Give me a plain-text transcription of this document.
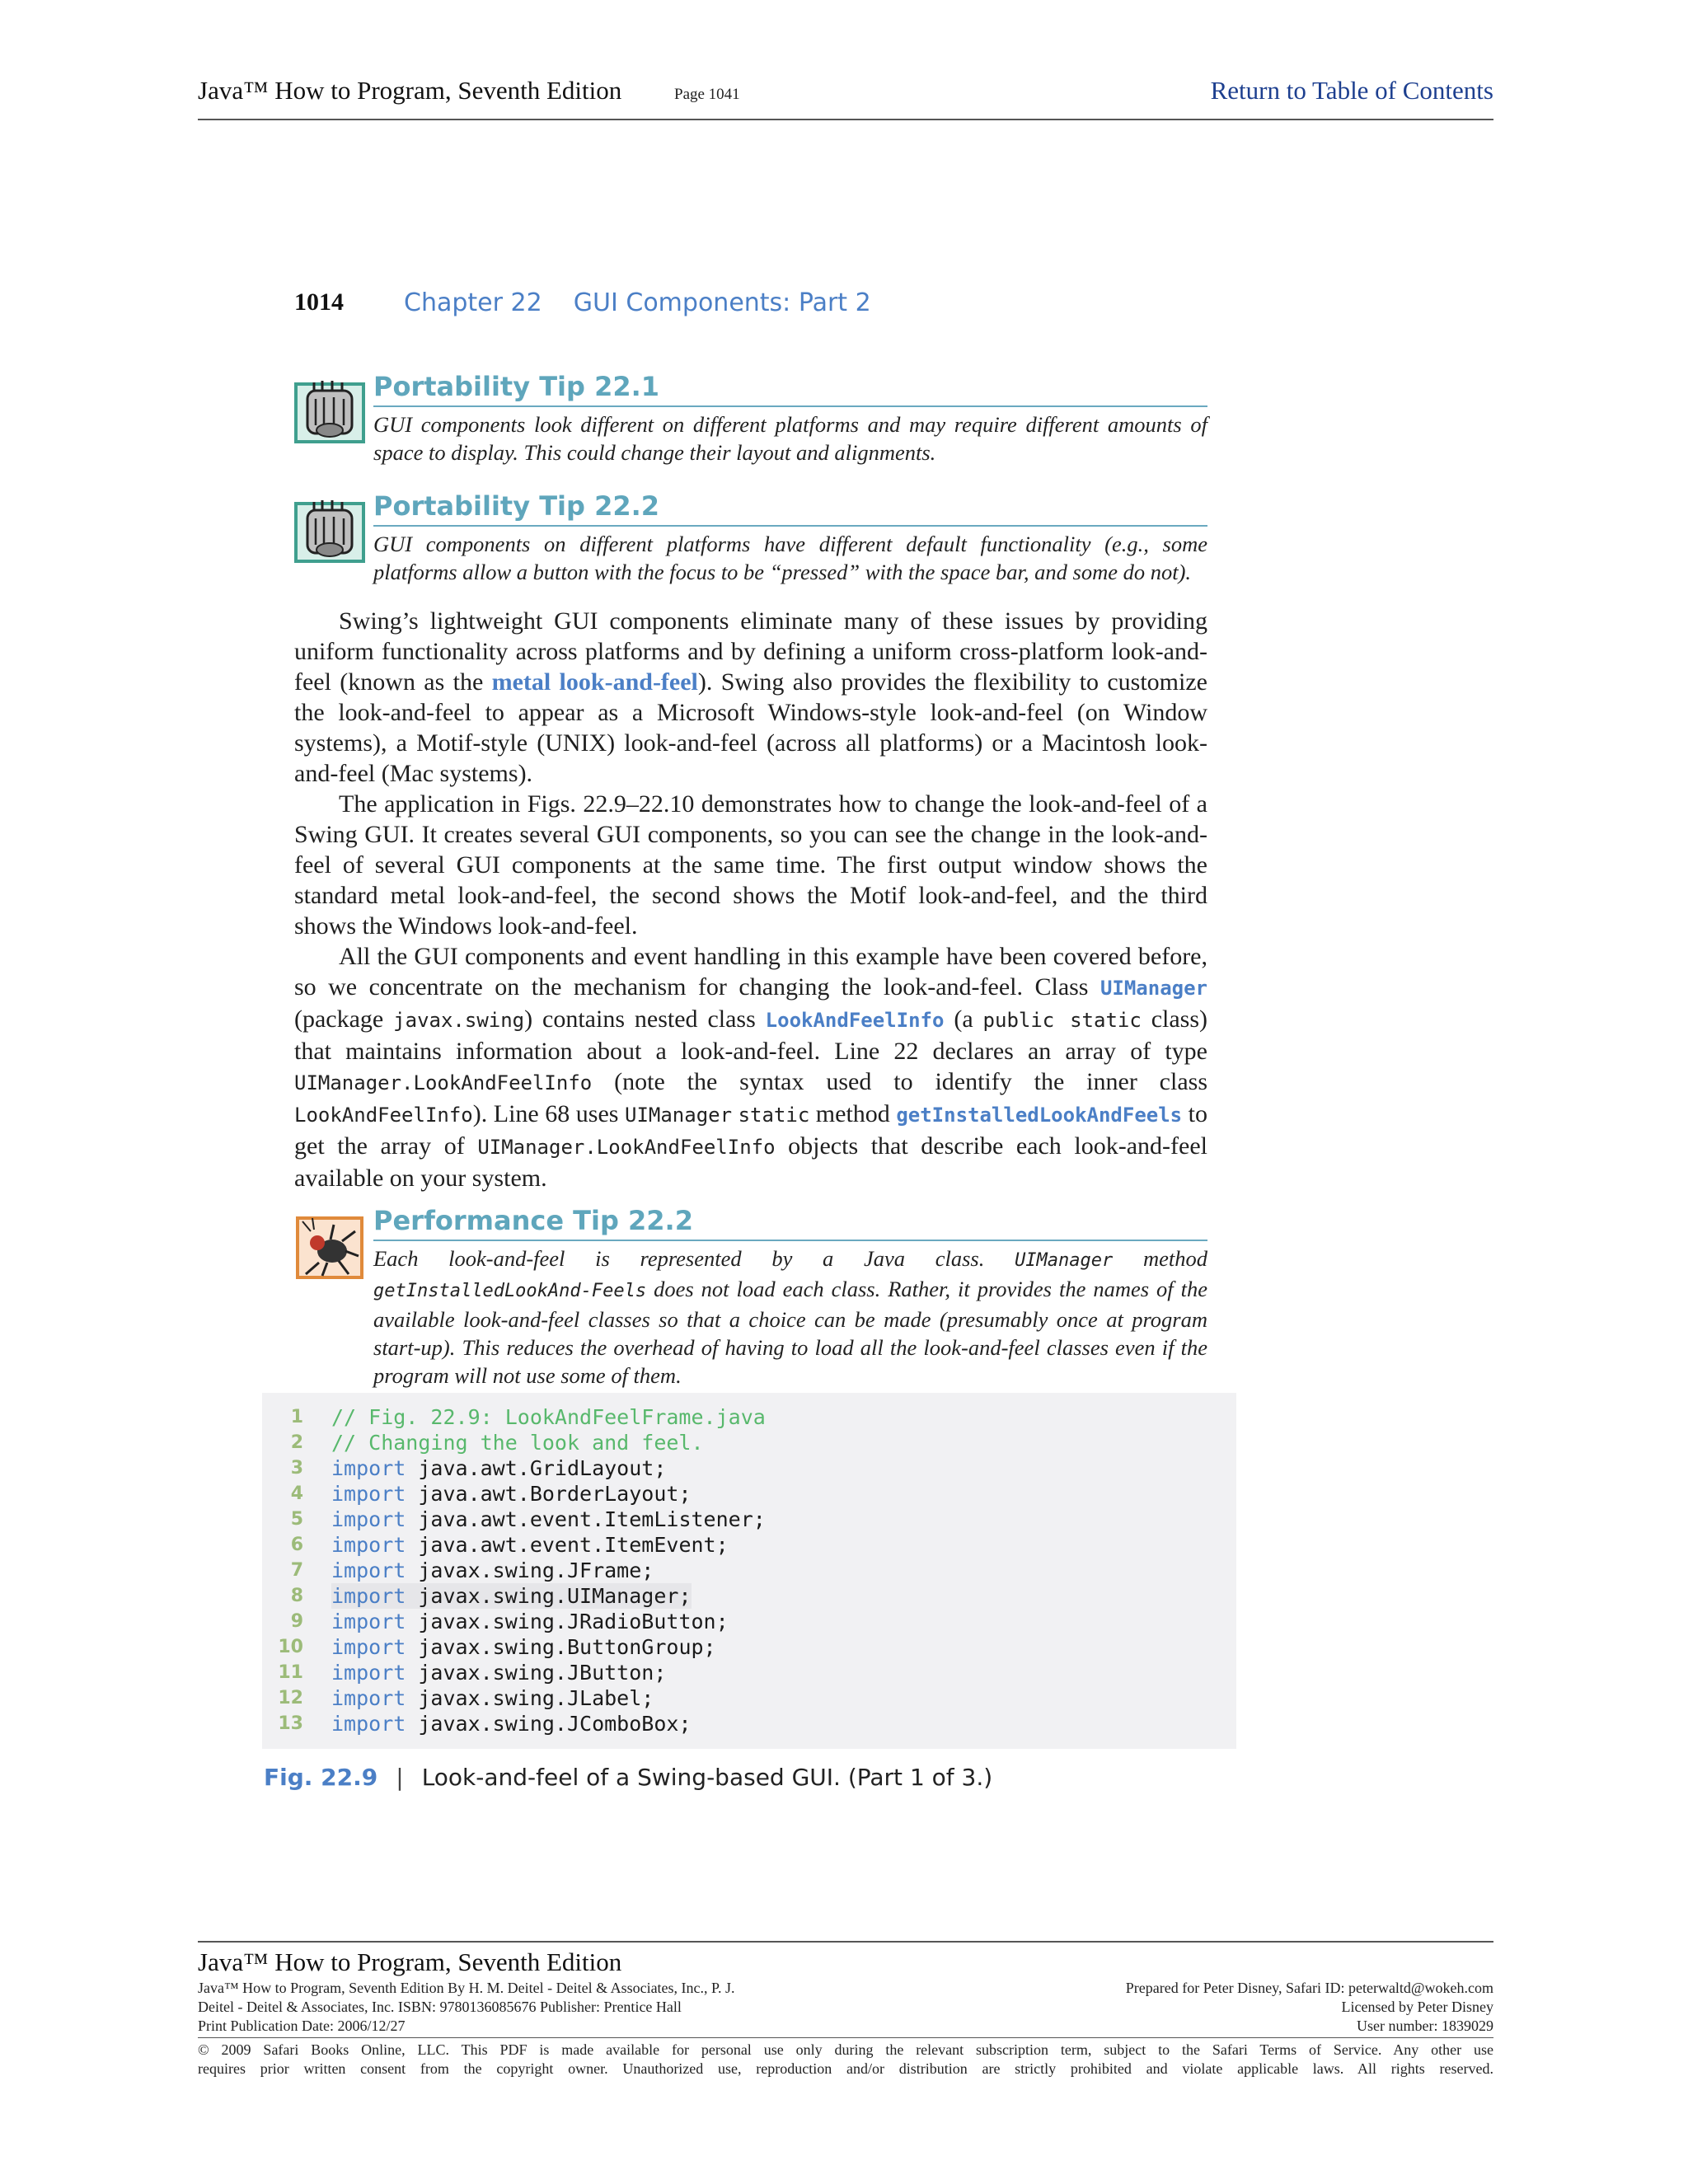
Java™ How to Program, Seventh Edition	Page 1041	Return to Table of Contents
1014 Chapter 22    GUI Components: Part 2
Portability Tip 22.1
GUI components look different on different platforms and may require different amounts of space to display. This could change their layout and alignments.
Portability Tip 22.2
GUI components on different platforms have different default functionality (e.g., some platforms allow a button with the focus to be “pressed” with the space bar, and some do not).

Swing’s lightweight GUI components eliminate many of these issues by providing uniform functionality across platforms and by defining a uniform cross-platform look-and-feel (known as the metal look-and-feel). Swing also provides the flexibility to customize the look-and-feel to appear as a Microsoft Windows-style look-and-feel (on Window systems), a Motif-style (UNIX) look-and-feel (across all platforms) or a Macintosh look-and-feel (Mac systems).

The application in Figs. 22.9–22.10 demonstrates how to change the look-and-feel of a Swing GUI. It creates several GUI components, so you can see the change in the look-and-feel of several GUI components at the same time. The first output window shows the standard metal look-and-feel, the second shows the Motif look-and-feel, and the third shows the Windows look-and-feel.

All the GUI components and event handling in this example have been covered before, so we concentrate on the mechanism for changing the look-and-feel. Class UIManager (package javax.swing) contains nested class LookAndFeelInfo (a public static class) that maintains information about a look-and-feel. Line 22 declares an array of type UIManager.LookAndFeelInfo (note the syntax used to identify the inner class LookAndFeelInfo). Line 68 uses UIManager static method getInstalledLookAndFeels to get the array of UIManager.LookAndFeelInfo objects that describe each look-and-feel available on your system.

Performance Tip 22.2
Each look-and-feel is represented by a Java class. UIManager method getInstalledLookAnd-Feels does not load each class. Rather, it provides the names of the available look-and-feel classes so that a choice can be made (presumably once at program start-up). This reduces the overhead of having to load all the look-and-feel classes even if the program will not use some of them.
1 // Fig. 22.9: LookAndFeelFrame.java
2 // Changing the look and feel.
3 import java.awt.GridLayout;
4 import java.awt.BorderLayout;
5 import java.awt.event.ItemListener;
6 import java.awt.event.ItemEvent;
7 import javax.swing.JFrame;
8 import javax.swing.UIManager;
9 import javax.swing.JRadioButton;
10 import javax.swing.ButtonGroup;
11 import javax.swing.JButton;
12 import javax.swing.JLabel;
13 import javax.swing.JComboBox;
Fig. 22.9 | Look-and-feel of a Swing-based GUI. (Part 1 of 3.)
Java™ How to Program, Seventh Edition
Java™ How to Program, Seventh Edition By H. M. Deitel - Deitel & Associates, Inc., P. J.
Deitel - Deitel & Associates, Inc. ISBN: 9780136085676 Publisher: Prentice Hall
Print Publication Date: 2006/12/27
Prepared for Peter Disney, Safari ID: peterwaltd@wokeh.com
Licensed by Peter Disney
User number: 1839029
© 2009 Safari Books Online, LLC. This PDF is made available for personal use only during the relevant subscription term, subject to the Safari Terms of Service. Any other use
requires prior written consent from the copyright owner. Unauthorized use, reproduction and/or distribution are strictly prohibited and violate applicable laws. All rights reserved.
